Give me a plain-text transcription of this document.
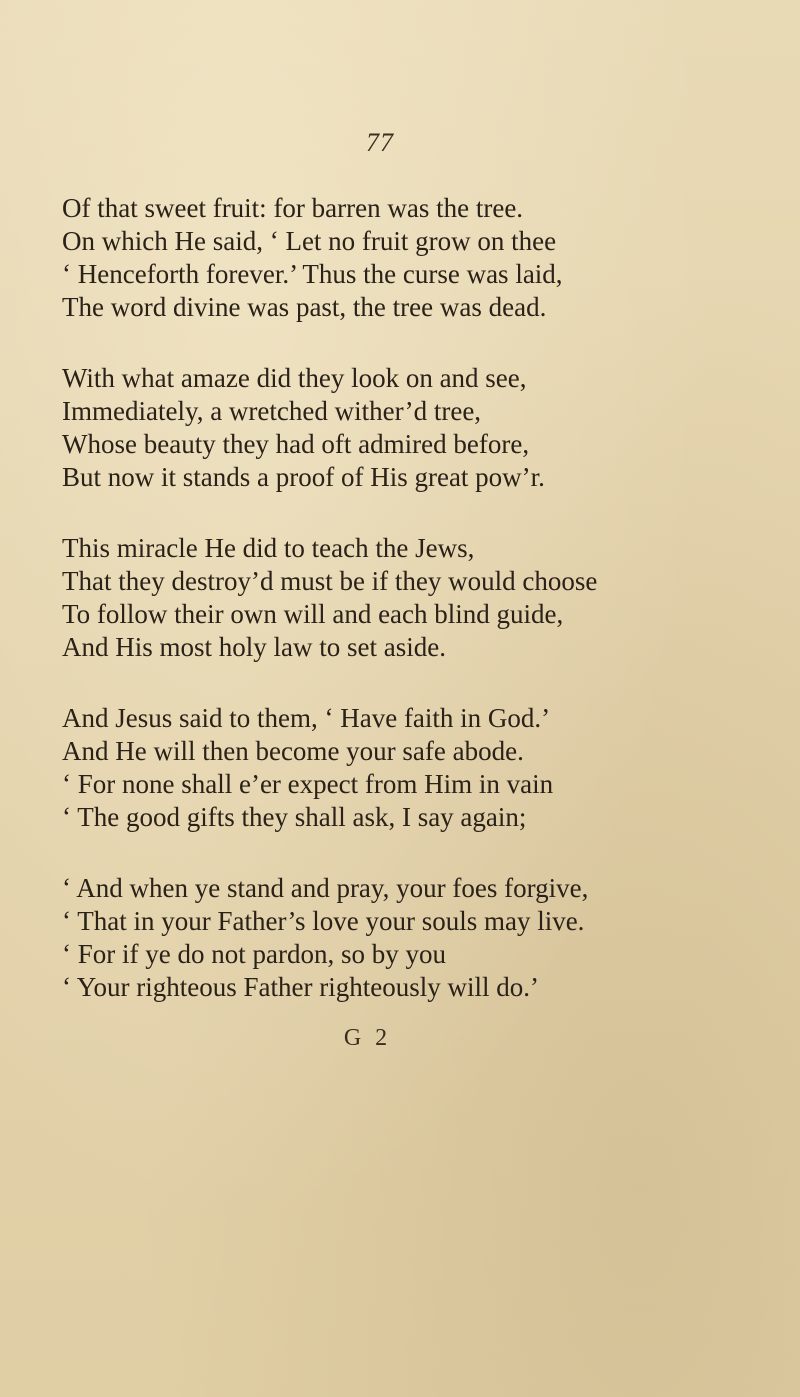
77
Of that sweet fruit: for barren was the tree.
On which He said, ‘ Let no fruit grow on thee
‘ Henceforth forever.’ Thus the curse was laid,
The word divine was past, the tree was dead.
With what amaze did they look on and see,
Immediately, a wretched wither’d tree,
Whose beauty they had oft admired before,
But now it stands a proof of His great pow’r.
This miracle He did to teach the Jews,
That they destroy’d must be if they would choose
To follow their own will and each blind guide,
And His most holy law to set aside.
And Jesus said to them, ‘ Have faith in God.’
And He will then become your safe abode.
‘ For none shall e’er expect from Him in vain
‘ The good gifts they shall ask, I say again;
‘ And when ye stand and pray, your foes forgive,
‘ That in your Father’s love your souls may live.
‘ For if ye do not pardon, so by you
‘ Your righteous Father righteously will do.’
G 2
